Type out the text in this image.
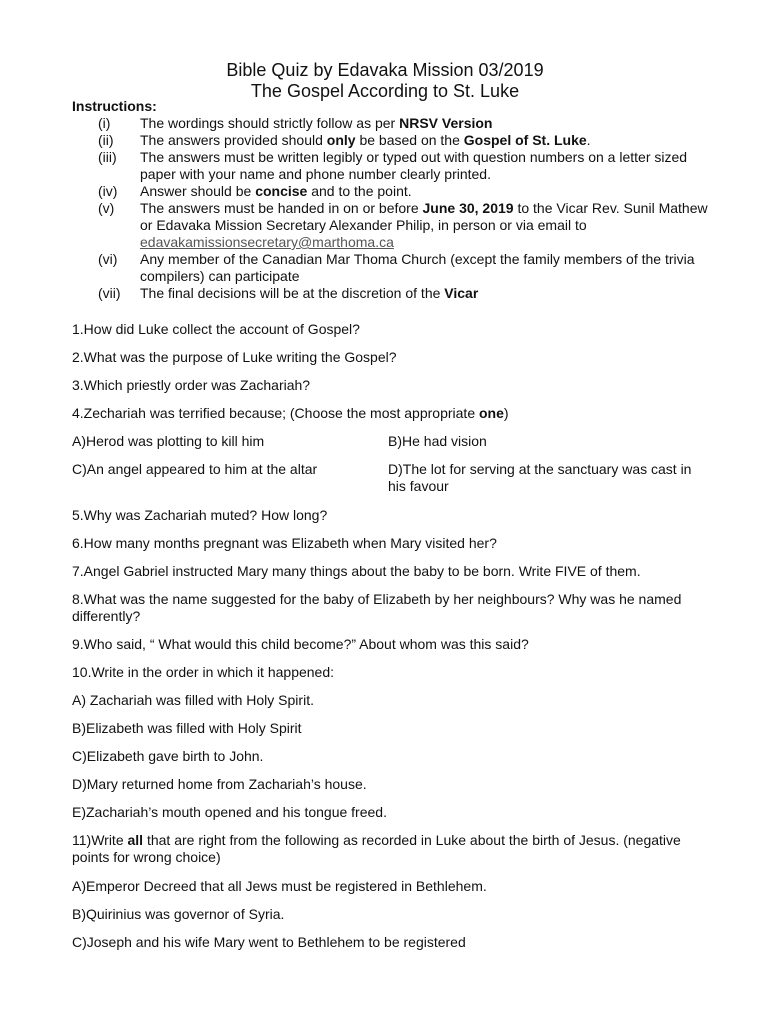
Bible Quiz by Edavaka Mission 03/2019
The Gospel According to St. Luke
Instructions:
(i)	The wordings should strictly follow as per NRSV Version
(ii)	The answers provided should only be based on the Gospel of St. Luke.
(iii)	The answers must be written legibly or typed out with question numbers on a letter sized paper with your name and phone number clearly printed.
(iv)	Answer should be concise and to the point.
(v)	The answers must be handed in on or before June 30, 2019 to the Vicar Rev. Sunil Mathew or Edavaka Mission Secretary Alexander Philip, in person or via email to
edavakamissionsecretary@marthoma.ca
(vi)	Any member of the Canadian Mar Thoma Church (except the family members of the trivia compilers) can participate
(vii)	The final decisions will be at the discretion of the Vicar
1.How did Luke collect the account of Gospel?
2.What was the purpose of Luke writing the Gospel?
3.Which priestly order was Zachariah?
4.Zechariah was terrified because; (Choose the most appropriate one)
A)Herod was plotting to kill him	B)He had vision
C)An angel appeared to him at the altar	D)The lot for serving at the sanctuary was cast in his favour
5.Why was Zachariah muted? How long?
6.How many months pregnant was Elizabeth when Mary visited her?
7.Angel Gabriel instructed Mary many things about the baby to be born. Write FIVE of them.
8.What was the name suggested for the baby of Elizabeth by her neighbours? Why was he named differently?
9.Who said, “ What would this child become?” About whom was this said?
10.Write in the order in which it happened:
A) Zachariah was filled with Holy Spirit.
B)Elizabeth was filled with Holy Spirit
C)Elizabeth gave birth to John.
D)Mary returned home from Zachariah’s house.
E)Zachariah’s mouth opened and his tongue freed.
11)Write all that are right from the following as recorded in Luke about the birth of Jesus. (negative points for wrong choice)
A)Emperor Decreed that all Jews must be registered in Bethlehem.
B)Quirinius was governor of Syria.
C)Joseph and his wife Mary went to Bethlehem to be registered
